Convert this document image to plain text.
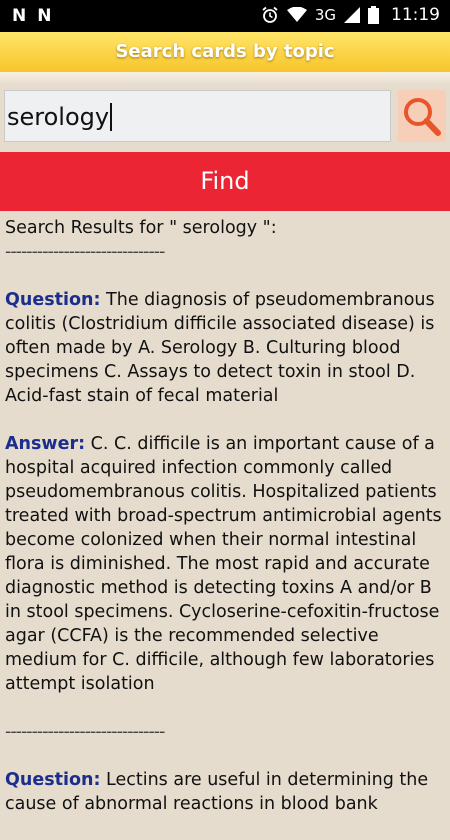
N N	3G	11:19
Search cards by topic
serology
Find

Search Results for " serology ":

------------------------------

Question: The diagnosis of pseudomembranous colitis (Clostridium difficile associated disease) is often made by A. Serology B. Culturing blood specimens C. Assays to detect toxin in stool D. Acid-fast stain of fecal material

Answer: C. C. difficile is an important cause of a hospital acquired infection commonly called pseudomembranous colitis. Hospitalized patients treated with broad-spectrum antimicrobial agents become colonized when their normal intestinal flora is diminished. The most rapid and accurate diagnostic method is detecting toxins A and/or B in stool specimens. Cycloserine-cefoxitin-fructose agar (CCFA) is the recommended selective medium for C. difficile, although few laboratories attempt isolation

------------------------------

Question: Lectins are useful in determining the cause of abnormal reactions in blood bank
